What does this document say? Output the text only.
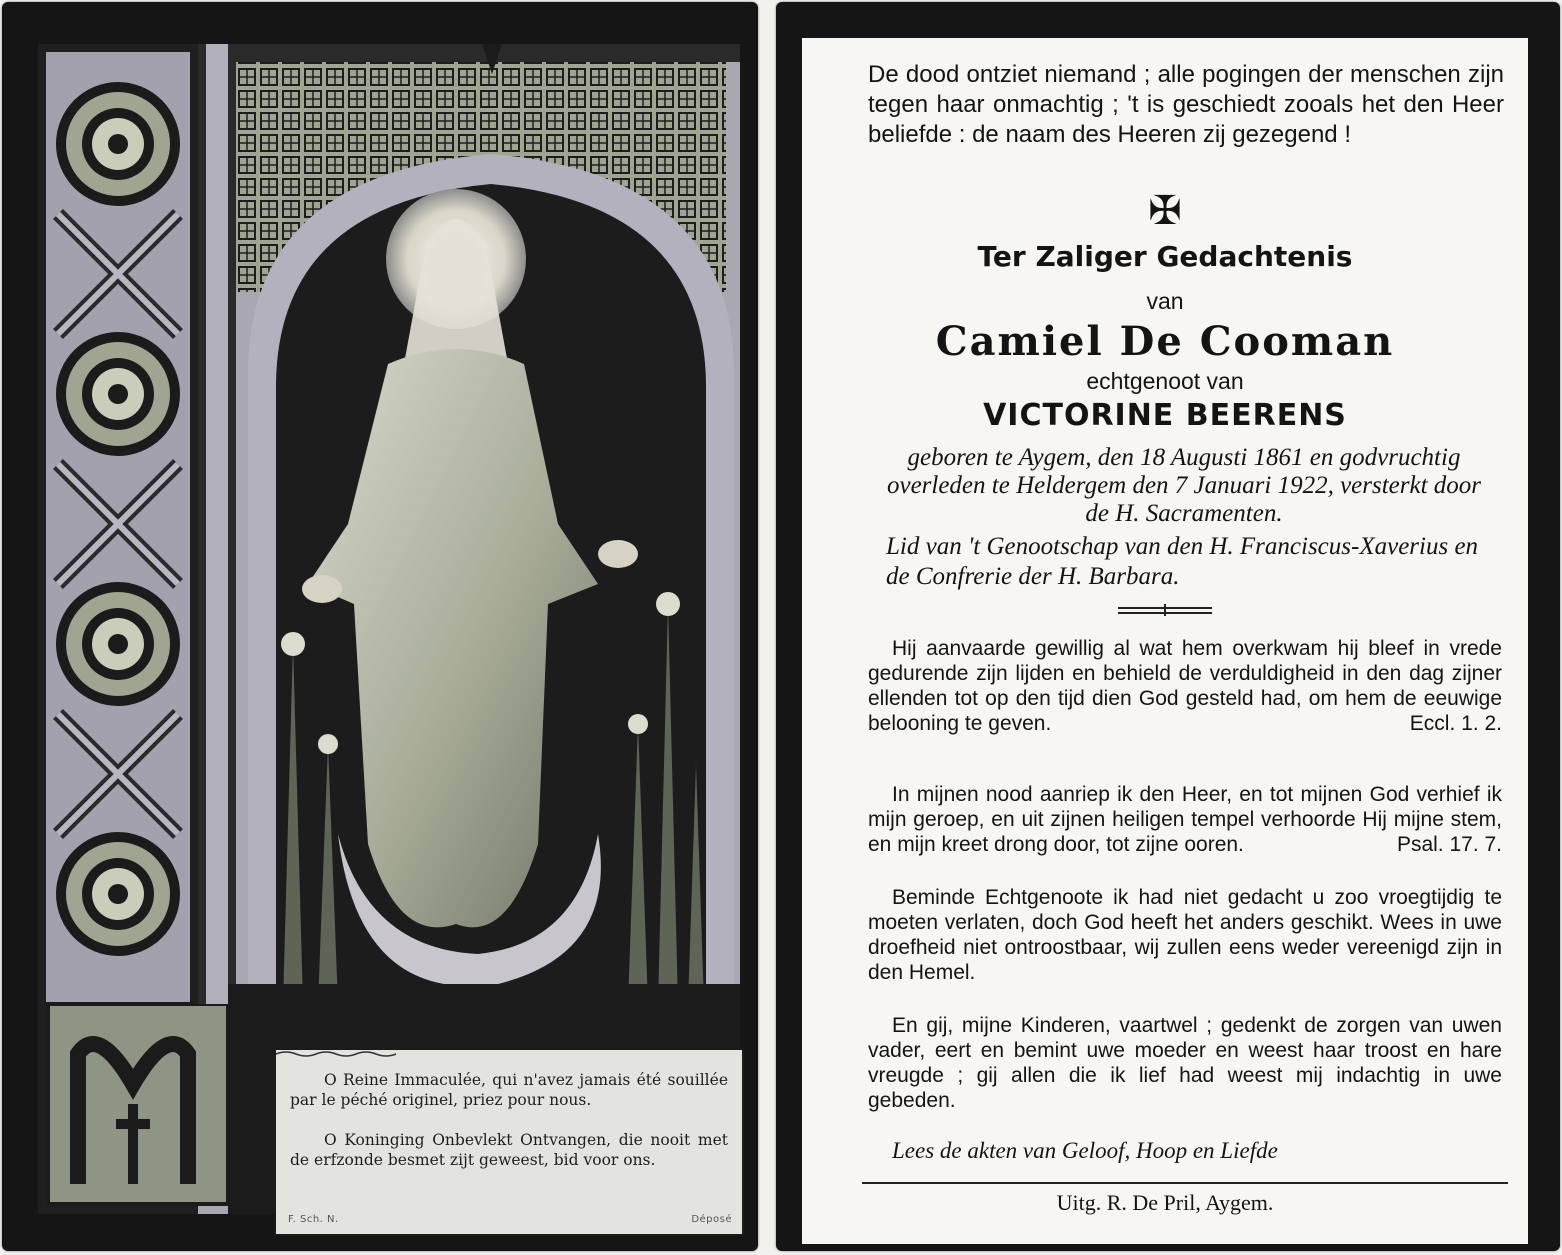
O Reine Immaculée, qui n'avez jamais été souillée par le péché originel, priez pour nous.

O Koninging Onbevlekt Ontvangen, die nooit met de erfzonde besmet zijt geweest, bid voor ons.

F. Sch. N.	Déposé

De dood ontziet niemand ; alle pogingen der menschen zijn tegen haar onmachtig ; 't is geschiedt zooals het den Heer beliefde : de naam des Heeren zij gezegend !

✠
Ter Zaliger Gedachtenis
van
Camiel De Cooman
echtgenoot van
VICTORINE BEERENS

geboren te Aygem, den 18 Augusti 1861 en godvruchtig overleden te Heldergem den 7 Januari 1922, versterkt door de H. Sacramenten.

Lid van 't Genootschap van den H. Franciscus-Xaverius en de Confrerie der H. Barbara.

Hij aanvaarde gewillig al wat hem overkwam hij bleef in vrede gedurende zijn lijden en behield de verduldigheid in den dag zijner ellenden tot op den tijd dien God gesteld had, om hem de eeuwige belooning te geven.	Eccl. 1. 2.

In mijnen nood aanriep ik den Heer, en tot mijnen God verhief ik mijn geroep, en uit zijnen heiligen tempel verhoorde Hij mijne stem, en mijn kreet drong door, tot zijne ooren.	Psal. 17. 7.

Beminde Echtgenoote ik had niet gedacht u zoo vroegtijdig te moeten verlaten, doch God heeft het anders geschikt. Wees in uwe droefheid niet ontroostbaar, wij zullen eens weder vereenigd zijn in den Hemel.

En gij, mijne Kinderen, vaartwel ; gedenkt de zorgen van uwen vader, eert en bemint uwe moeder en weest haar troost en hare vreugde ; gij allen die ik lief had weest mij indachtig in uwe gebeden.

Lees de akten van Geloof, Hoop en Liefde
Uitg. R. De Pril, Aygem.
